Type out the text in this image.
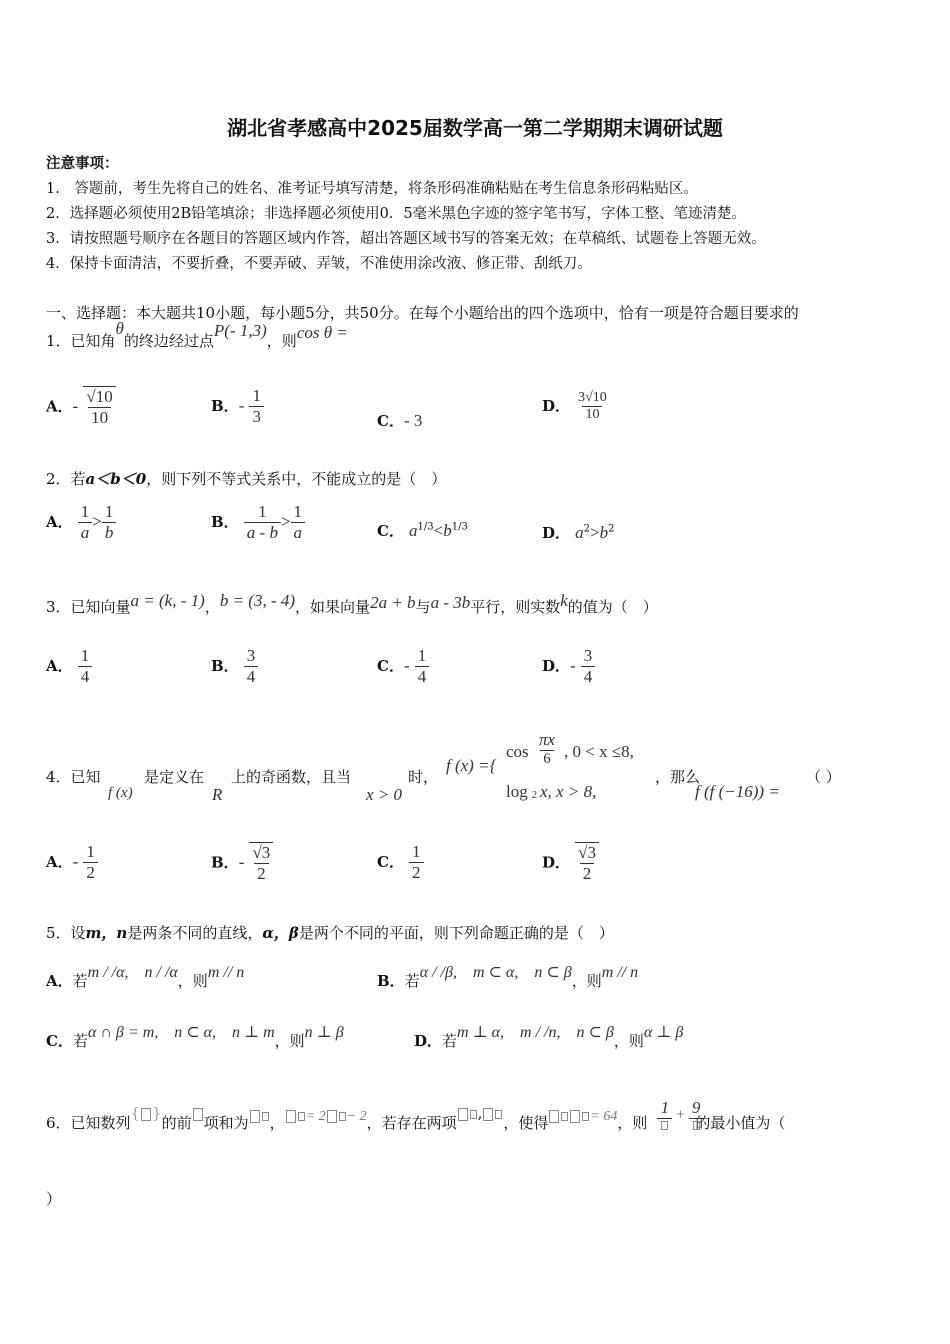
湖北省孝感高中2025届数学高一第二学期期末调研试题
注意事项：
1.　答题前，考生先将自己的姓名、准考证号填写清楚，将条形码准确粘贴在考生信息条形码粘贴区。
2．选择题必须使用2B铅笔填涂；非选择题必须使用0．5毫米黑色字迹的签字笔书写，字体工整、笔迹清楚。
3．请按照题号顺序在各题目的答题区域内作答，超出答题区域书写的答案无效；在草稿纸、试题卷上答题无效。
4．保持卡面清洁，不要折叠，不要弄破、弄皱，不准使用涂改液、修正带、刮纸刀。
一、选择题：本大题共10小题，每小题5分，共50分。在每个小题给出的四个选项中，恰有一项是符合题目要求的
1．已知角θ的终边经过点P(- 1,3)，则cos θ =
A．- $\frac{√10}{10}$	B．- $\frac{1}{3}$	C．- 3
D． $\frac{3√10}{10}$
2．若a＜b＜0，则下列不等式关系中，不能成立的是（　）
A． $\frac{1}{a} > \frac{1}{b}$	B． $\frac{1}{a - b} > \frac{1}{a}$	C． $a^{1/3}<b^{1/3}$	D． $a^2>b^2$
3．已知向量a = (k, - 1)，b = (3, - 4)，如果向量2a + b与a - 3b平行，则实数k的值为（　）
A． $\frac{1}{4}$	B． $\frac{3}{4}$	C．- $\frac{1}{4}$	D．- $\frac{3}{4}$
4．已知
f (x)
是定义在
R
上的奇函数，且当
x > 0
时，
f (x) ={
$\cos \frac{\pi x}{6}$ , 0 < x ≤8,
log 2 x, x > 8,
，那么
f (f (−16)) =
（ ）
A．- $\frac{1}{2}$	B．- $\frac{√3}{2}$	C． $\frac{1}{2}$	D． $\frac{√3}{2}$
5．设m，n是两条不同的直线，α，β是两个不同的平面，则下列命题正确的是（　）
A．若m / /α,　n / /α，则m // n	B．若α / /β,　m ⊂ α,　n ⊂ β，则m // n
C．若α ∩ β = m,　n ⊂ α,　n ⊥ m，则n ⊥ β	D．若m ⊥ α,　m / /n,　n ⊂ β，则α ⊥ β
6．已知数列{ }的前 项和为 ， = 2 − 2，若存在两项,，使得	= 64，则
1 + 9
的最小值为（
）
